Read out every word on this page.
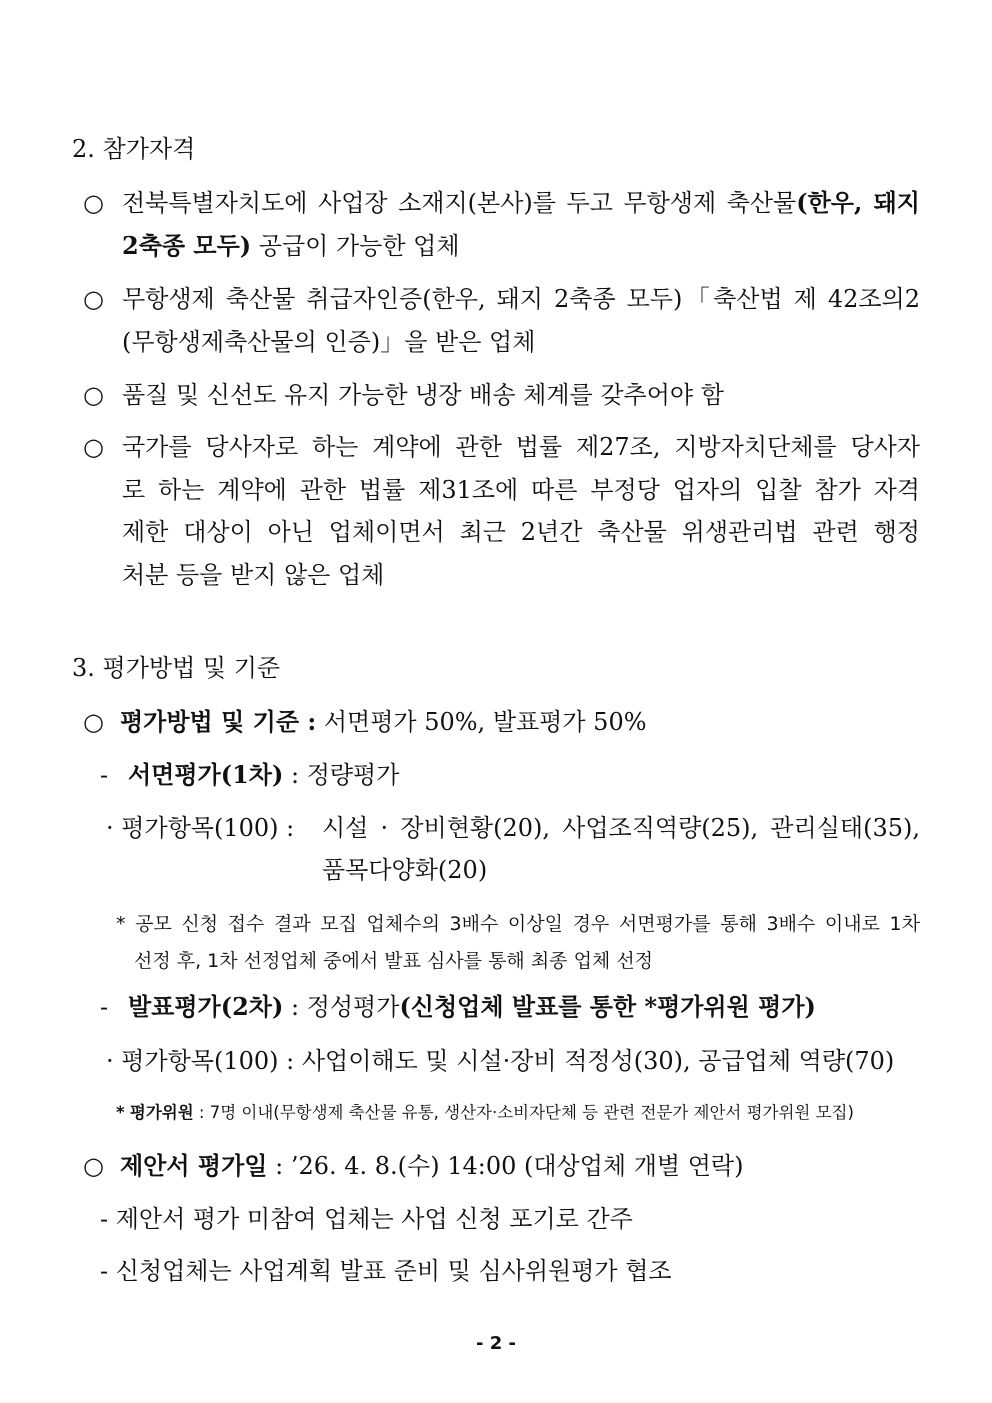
2. 참가자격
○ 전북특별자치도에 사업장 소재지(본사)를 두고 무항생제 축산물(한우, 돼지
2축종 모두) 공급이 가능한 업체
○ 무항생제 축산물 취급자인증(한우, 돼지 2축종 모두)「축산법 제 42조의2
(무항생제축산물의 인증)」을 받은 업체
○ 품질 및 신선도 유지 가능한 냉장 배송 체계를 갖추어야 함
○ 국가를 당사자로 하는 계약에 관한 법률 제27조, 지방자치단체를 당사자
로 하는 계약에 관한 법률 제31조에 따른 부정당 업자의 입찰 참가 자격
제한 대상이 아닌 업체이면서 최근 2년간 축산물 위생관리법 관련 행정
처분 등을 받지 않은 업체
3. 평가방법 및 기준
○ 평가방법 및 기준 : 서면평가 50%, 발표평가 50%
- 서면평가(1차) : 정량평가
· 평가항목(100) : 시설 · 장비현황(20), 사업조직역량(25), 관리실태(35),
품목다양화(20)
* 공모 신청 접수 결과 모집 업체수의 3배수 이상일 경우 서면평가를 통해 3배수 이내로 1차
선정 후, 1차 선정업체 중에서 발표 심사를 통해 최종 업체 선정
- 발표평가(2차) : 정성평가(신청업체 발표를 통한 *평가위원 평가)
· 평가항목(100) : 사업이해도 및 시설·장비 적정성(30), 공급업체 역량(70)
* 평가위원 : 7명 이내(무항생제 축산물 유통, 생산자·소비자단체 등 관련 전문가 제안서 평가위원 모집)
○ 제안서 평가일 : ’26. 4. 8.(수) 14:00 (대상업체 개별 연락)
- 제안서 평가 미참여 업체는 사업 신청 포기로 간주
- 신청업체는 사업계획 발표 준비 및 심사위원평가 협조
- 2 -
